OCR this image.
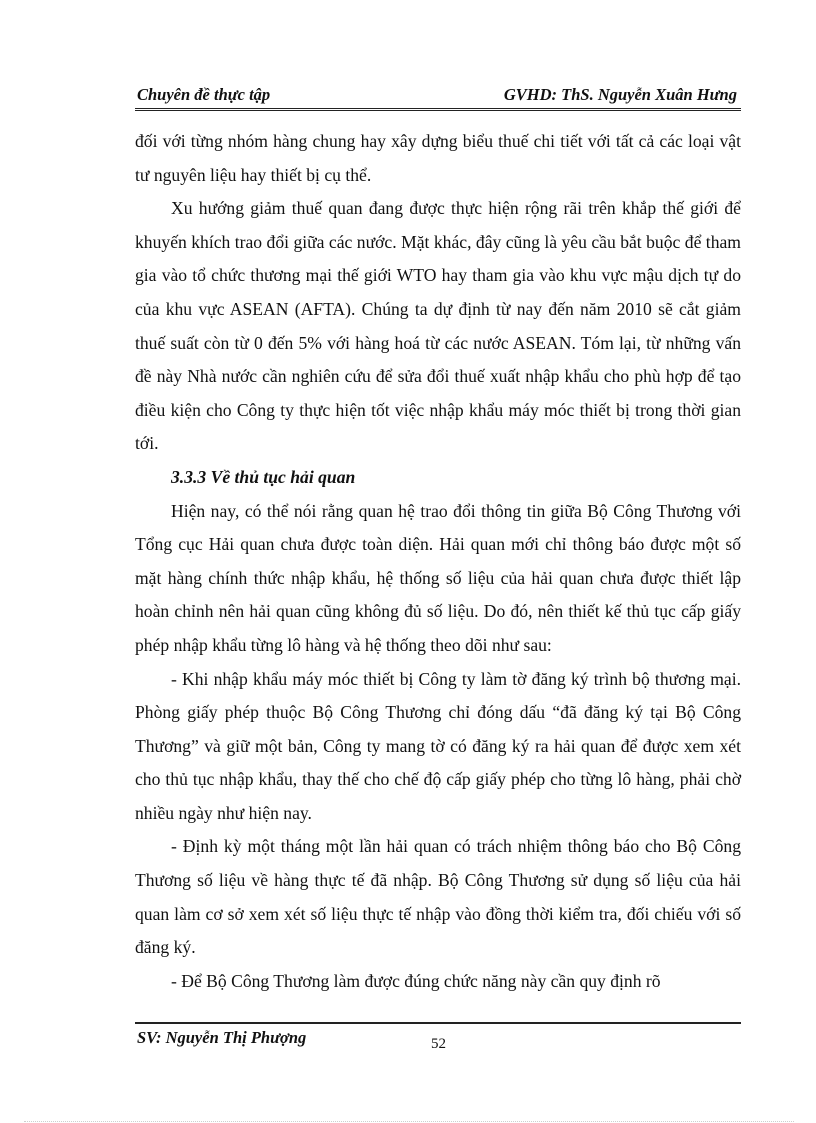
Chuyên đề thực tập	GVHD: ThS. Nguyễn Xuân Hưng

đối với từng nhóm hàng chung hay xây dựng biểu thuế chi tiết với tất cả các loại vật tư nguyên liệu hay thiết bị cụ thể.

Xu hướng giảm thuế quan đang được thực hiện rộng rãi trên khắp thế giới để khuyến khích trao đổi giữa các nước. Mặt khác, đây cũng là yêu cầu bắt buộc để tham gia vào tổ chức thương mại thế giới WTO hay tham gia vào khu vực mậu dịch tự do của khu vực ASEAN (AFTA). Chúng ta dự định từ nay đến năm 2010 sẽ cắt giảm thuế suất còn từ 0 đến 5% với hàng hoá từ các nước ASEAN. Tóm lại, từ những vấn đề này Nhà nước cần nghiên cứu để sửa đổi thuế xuất nhập khẩu cho phù hợp để tạo điều kiện cho Công ty thực hiện tốt việc nhập khẩu máy móc thiết bị trong thời gian tới.

3.3.3 Về thủ tục hải quan

Hiện nay, có thể nói rằng quan hệ trao đổi thông tin giữa Bộ Công Thương với Tổng cục Hải quan chưa được toàn diện. Hải quan mới chỉ thông báo được một số mặt hàng chính thức nhập khẩu, hệ thống số liệu của hải quan chưa được thiết lập hoàn chỉnh nên hải quan cũng không đủ số liệu. Do đó, nên thiết kế thủ tục cấp giấy phép nhập khẩu từng lô hàng và hệ thống theo dõi như sau:

- Khi nhập khẩu máy móc thiết bị Công ty làm tờ đăng ký trình bộ thương mại. Phòng giấy phép thuộc Bộ Công Thương chỉ đóng dấu “đã đăng ký tại Bộ Công Thương” và giữ một bản, Công ty mang tờ có đăng ký ra hải quan để được xem xét cho thủ tục nhập khẩu, thay thế cho chế độ cấp giấy phép cho từng lô hàng, phải chờ nhiều ngày như hiện nay.

- Định kỳ một tháng một lần hải quan có trách nhiệm thông báo cho Bộ Công Thương số liệu về hàng thực tế đã nhập. Bộ Công Thương sử dụng số liệu của hải quan làm cơ sở xem xét số liệu thực tế nhập vào đồng thời kiểm tra, đối chiếu với số đăng ký.

- Để Bộ Công Thương làm được đúng chức năng này cần quy định rõ

SV: Nguyễn Thị Phượng	52
